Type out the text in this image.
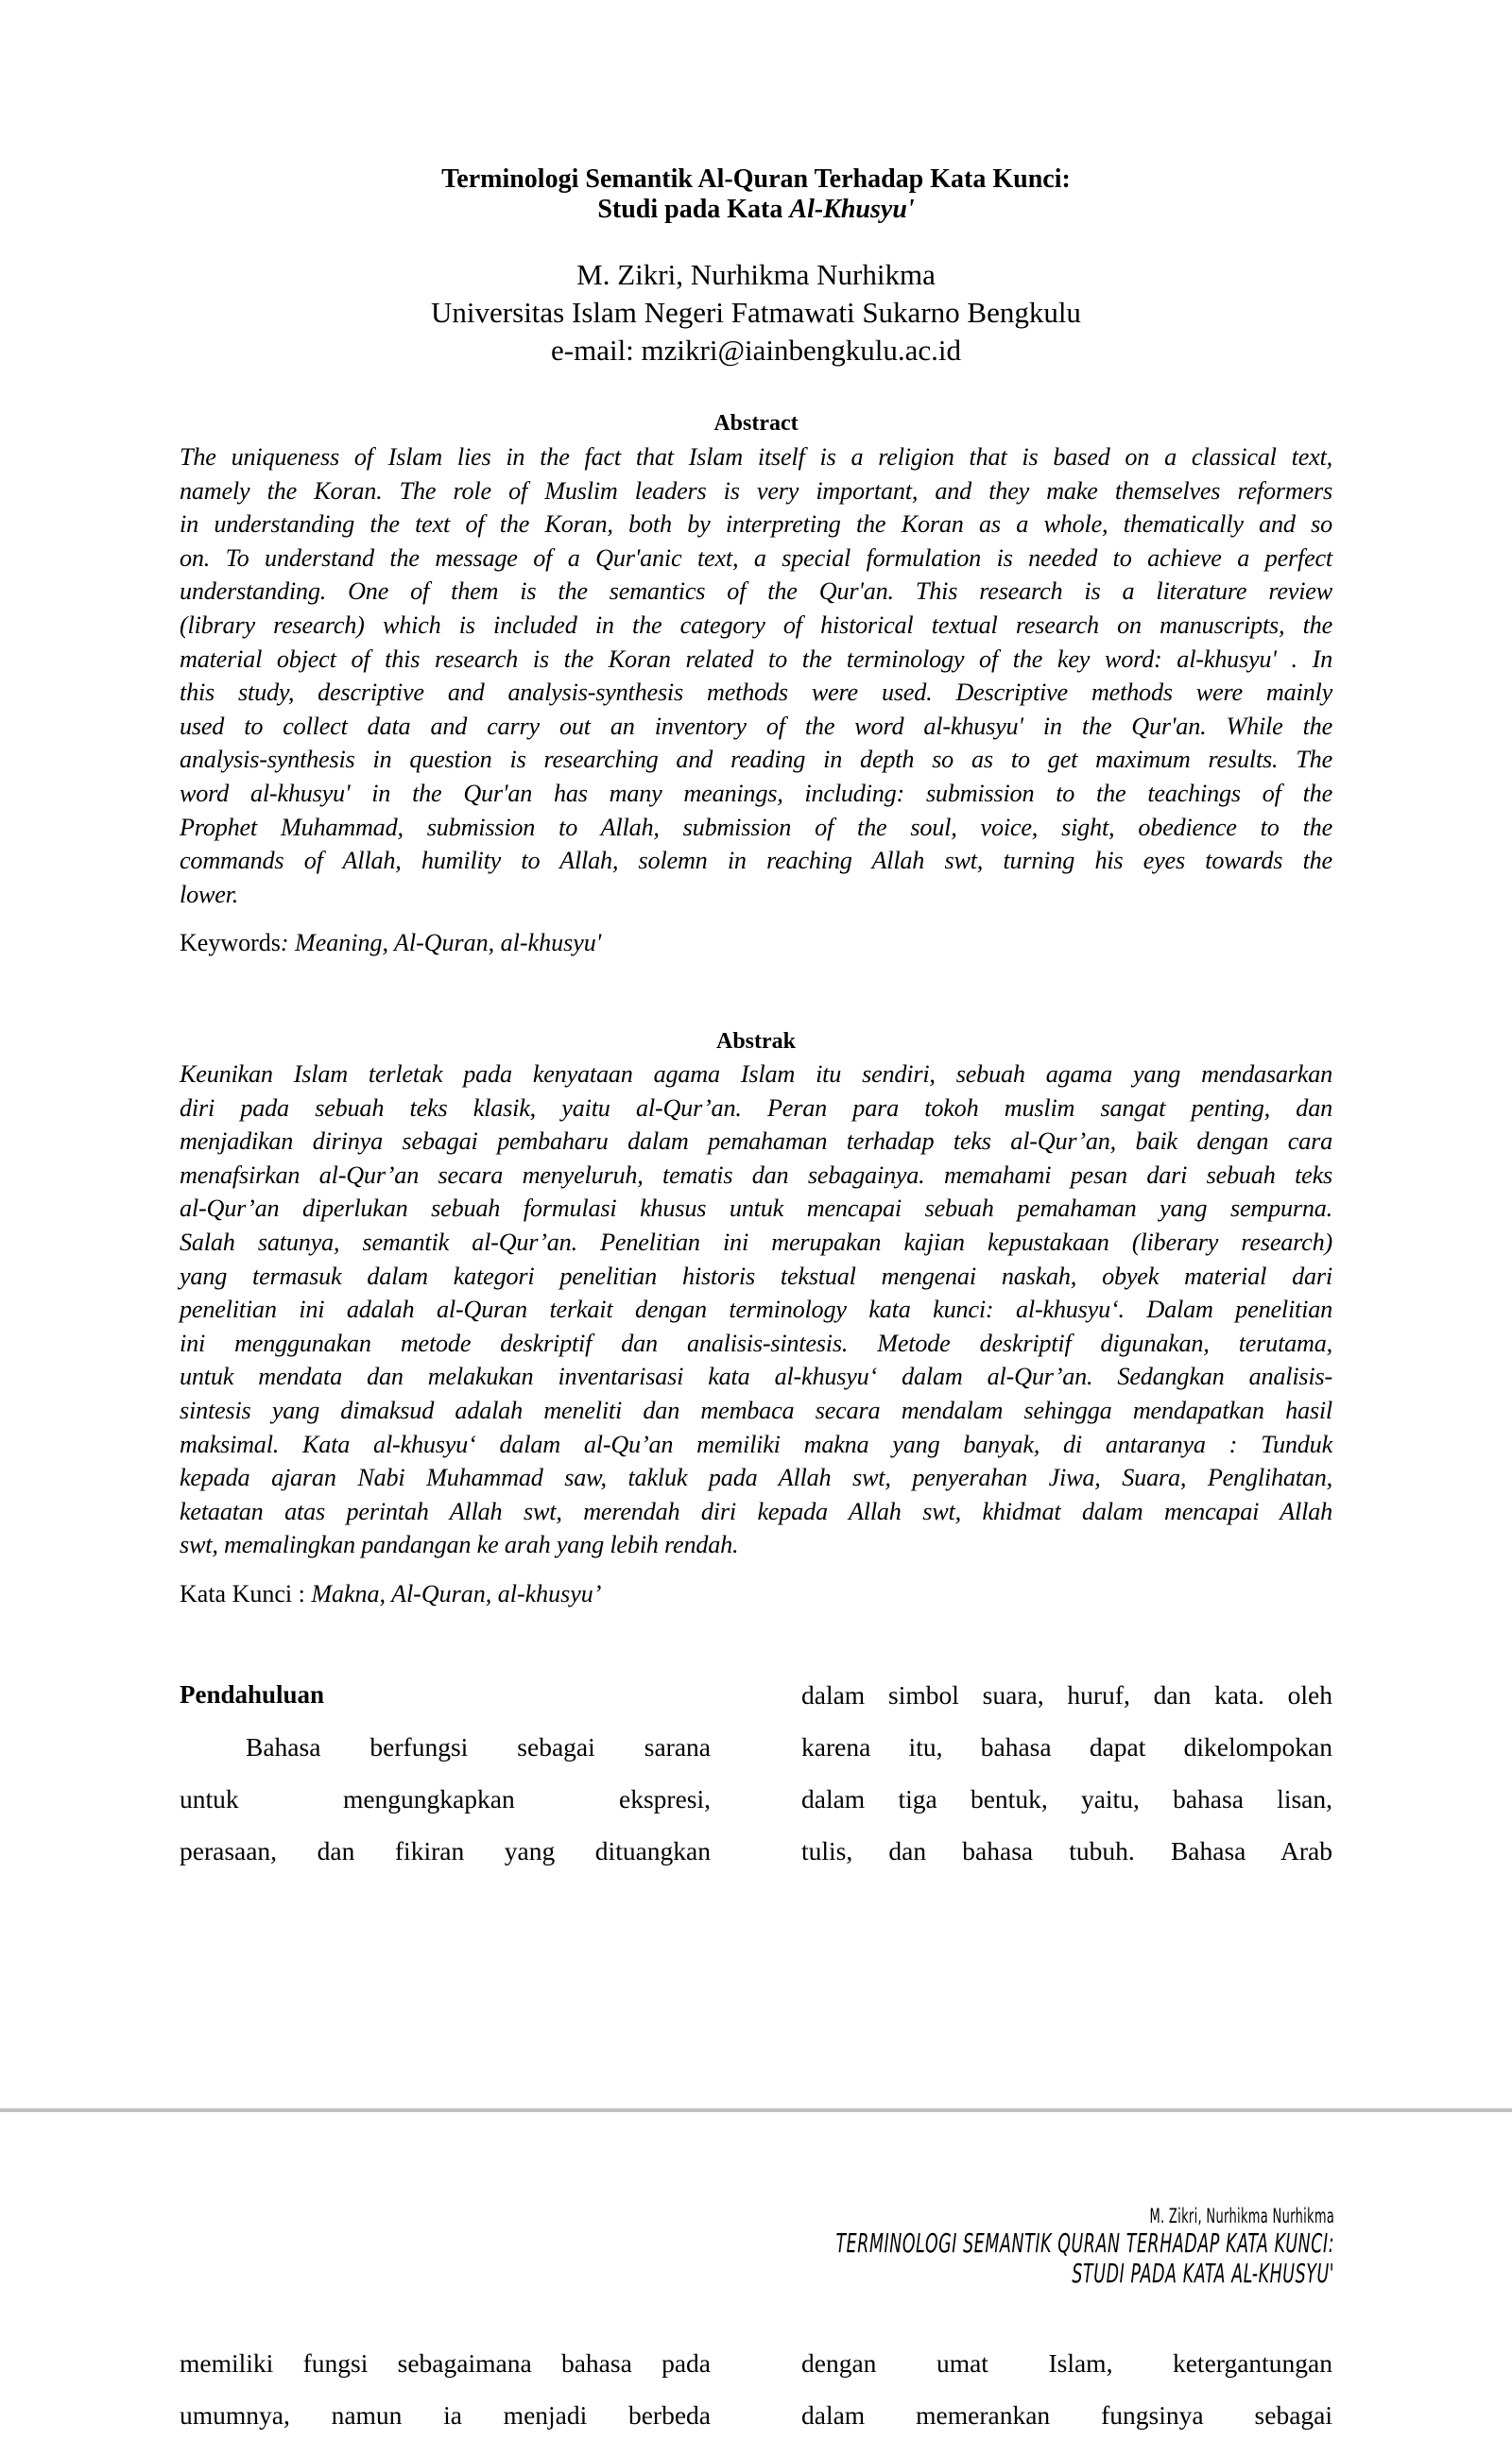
Terminologi Semantik Al-Quran Terhadap Kata Kunci:
Studi pada Kata Al-Khusyu'
M. Zikri, Nurhikma Nurhikma
Universitas Islam Negeri Fatmawati Sukarno Bengkulu
e-mail: mzikri@iainbengkulu.ac.id
Abstract
The uniqueness of Islam lies in the fact that Islam itself is a religion that is based on a classical text,
namely the Koran. The role of Muslim leaders is very important, and they make themselves reformers
in understanding the text of the Koran, both by interpreting the Koran as a whole, thematically and so
on. To understand the message of a Qur'anic text, a special formulation is needed to achieve a perfect
understanding. One of them is the semantics of the Qur'an. This research is a literature review
(library research) which is included in the category of historical textual research on manuscripts, the
material object of this research is the Koran related to the terminology of the key word: al-khusyu' . In
this study, descriptive and analysis-synthesis methods were used. Descriptive methods were mainly
used to collect data and carry out an inventory of the word al-khusyu' in the Qur'an. While the
analysis-synthesis in question is researching and reading in depth so as to get maximum results. The
word al-khusyu' in the Qur'an has many meanings, including: submission to the teachings of the
Prophet Muhammad, submission to Allah, submission of the soul, voice, sight, obedience to the
commands of Allah, humility to Allah, solemn in reaching Allah swt, turning his eyes towards the
lower.
Keywords: Meaning, Al-Quran, al-khusyu'
Abstrak
Keunikan Islam terletak pada kenyataan agama Islam itu sendiri, sebuah agama yang mendasarkan
diri pada sebuah teks klasik, yaitu al-Qur’an. Peran para tokoh muslim sangat penting, dan
menjadikan dirinya sebagai pembaharu dalam pemahaman terhadap teks al-Qur’an, baik dengan cara
menafsirkan al-Qur’an secara menyeluruh, tematis dan sebagainya. memahami pesan dari sebuah teks
al-Qur’an diperlukan sebuah formulasi khusus untuk mencapai sebuah pemahaman yang sempurna.
Salah satunya, semantik al-Qur’an. Penelitian ini merupakan kajian kepustakaan (liberary research)
yang termasuk dalam kategori penelitian historis tekstual mengenai naskah, obyek material dari
penelitian ini adalah al-Quran terkait dengan terminology kata kunci: al-khusyu‘. Dalam penelitian
ini menggunakan metode deskriptif dan analisis-sintesis. Metode deskriptif digunakan, terutama,
untuk mendata dan melakukan inventarisasi kata al-khusyu‘ dalam al-Qur’an. Sedangkan analisis-
sintesis yang dimaksud adalah meneliti dan membaca secara mendalam sehingga mendapatkan hasil
maksimal. Kata al-khusyu‘ dalam al-Qu’an memiliki makna yang banyak, di antaranya : Tunduk
kepada ajaran Nabi Muhammad saw, takluk pada Allah swt, penyerahan Jiwa, Suara, Penglihatan,
ketaatan atas perintah Allah swt, merendah diri kepada Allah swt, khidmat dalam mencapai Allah
swt, memalingkan pandangan ke arah yang lebih rendah.
Kata Kunci : Makna, Al-Quran, al-khusyu’
Pendahuluan
Bahasa berfungsi sebagai sarana
untuk mengungkapkan ekspresi,
perasaan, dan fikiran yang dituangkan
dalam simbol suara, huruf, dan kata. oleh
karena itu, bahasa dapat dikelompokan
dalam tiga bentuk, yaitu, bahasa lisan,
tulis, dan bahasa tubuh. Bahasa Arab
M. Zikri, Nurhikma Nurhikma
TERMINOLOGI SEMANTIK QURAN TERHADAP KATA KUNCI:
STUDI PADA KATA AL-KHUSYU'
memiliki fungsi sebagaimana bahasa pada
umumnya, namun ia menjadi berbeda
dengan umat Islam, ketergantungan
dalam memerankan fungsinya sebagai
